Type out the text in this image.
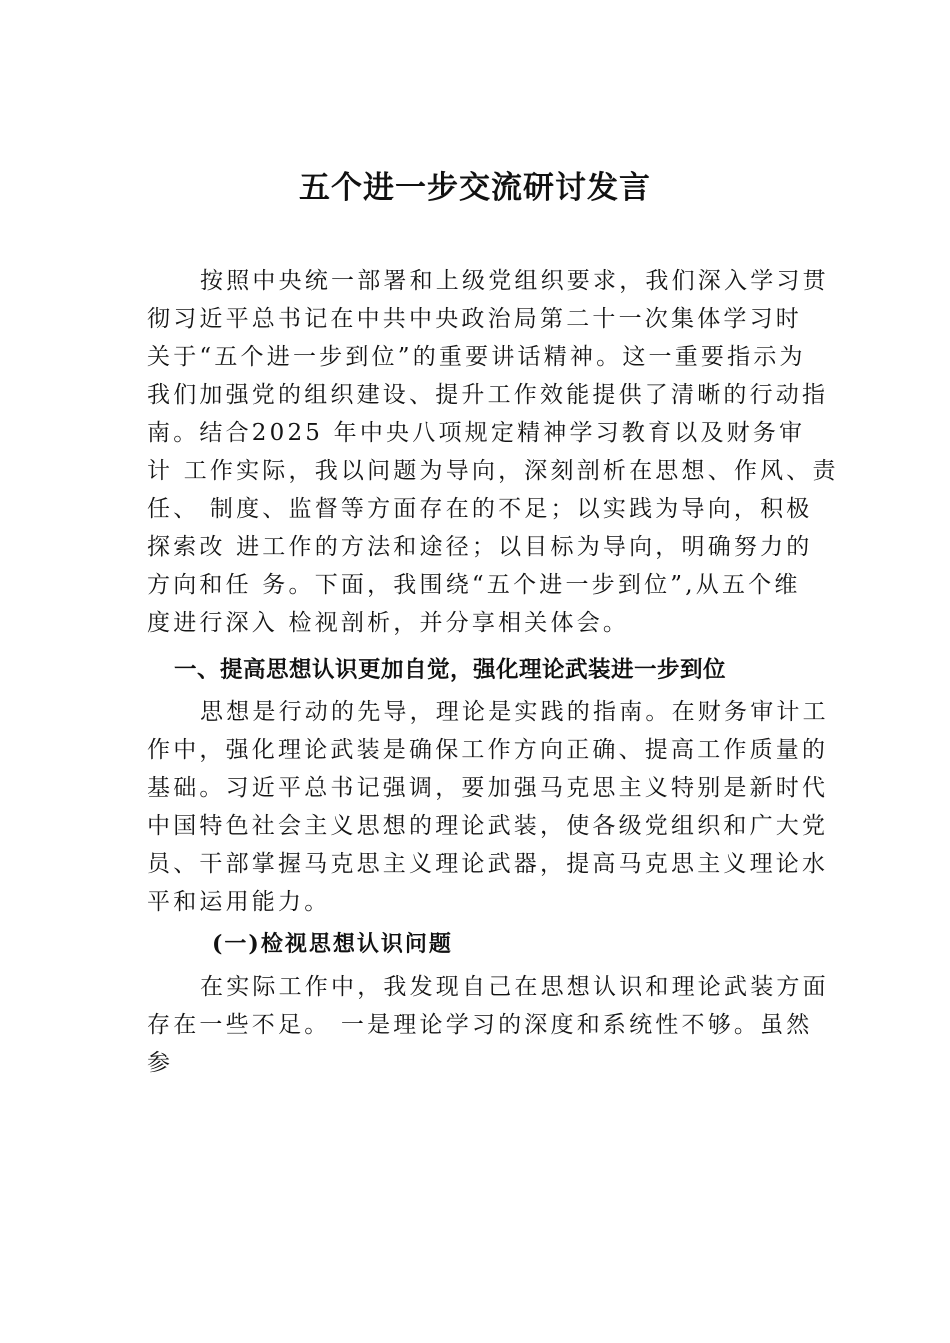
五个进一步交流研讨发言
按照中央统一部署和上级党组织要求，我们深入学习贯
彻习近平总书记在中共中央政治局第二十一次集体学习时
关于“五个进一步到位”的重要讲话精神。这一重要指示为
我们加强党的组织建设、提升工作效能提供了清晰的行动指
南。结合2025 年中央八项规定精神学习教育以及财务审
计 工作实际，我以问题为导向，深刻剖析在思想、作风、责
任、 制度、监督等方面存在的不足；以实践为导向，积极
探索改 进工作的方法和途径；以目标为导向，明确努力的
方向和任 务。下面，我围绕“五个进一步到位”,从五个维
度进行深入 检视剖析，并分享相关体会。
一、提高思想认识更加自觉，强化理论武装进一步到位
思想是行动的先导，理论是实践的指南。在财务审计工
作中，强化理论武装是确保工作方向正确、提高工作质量的
基础。习近平总书记强调，要加强马克思主义特别是新时代
中国特色社会主义思想的理论武装，使各级党组织和广大党
员、干部掌握马克思主义理论武器，提高马克思主义理论水
平和运用能力。
(一)检视思想认识问题
在实际工作中，我发现自己在思想认识和理论武装方面
存在一些不足。 一是理论学习的深度和系统性不够。虽然
参
